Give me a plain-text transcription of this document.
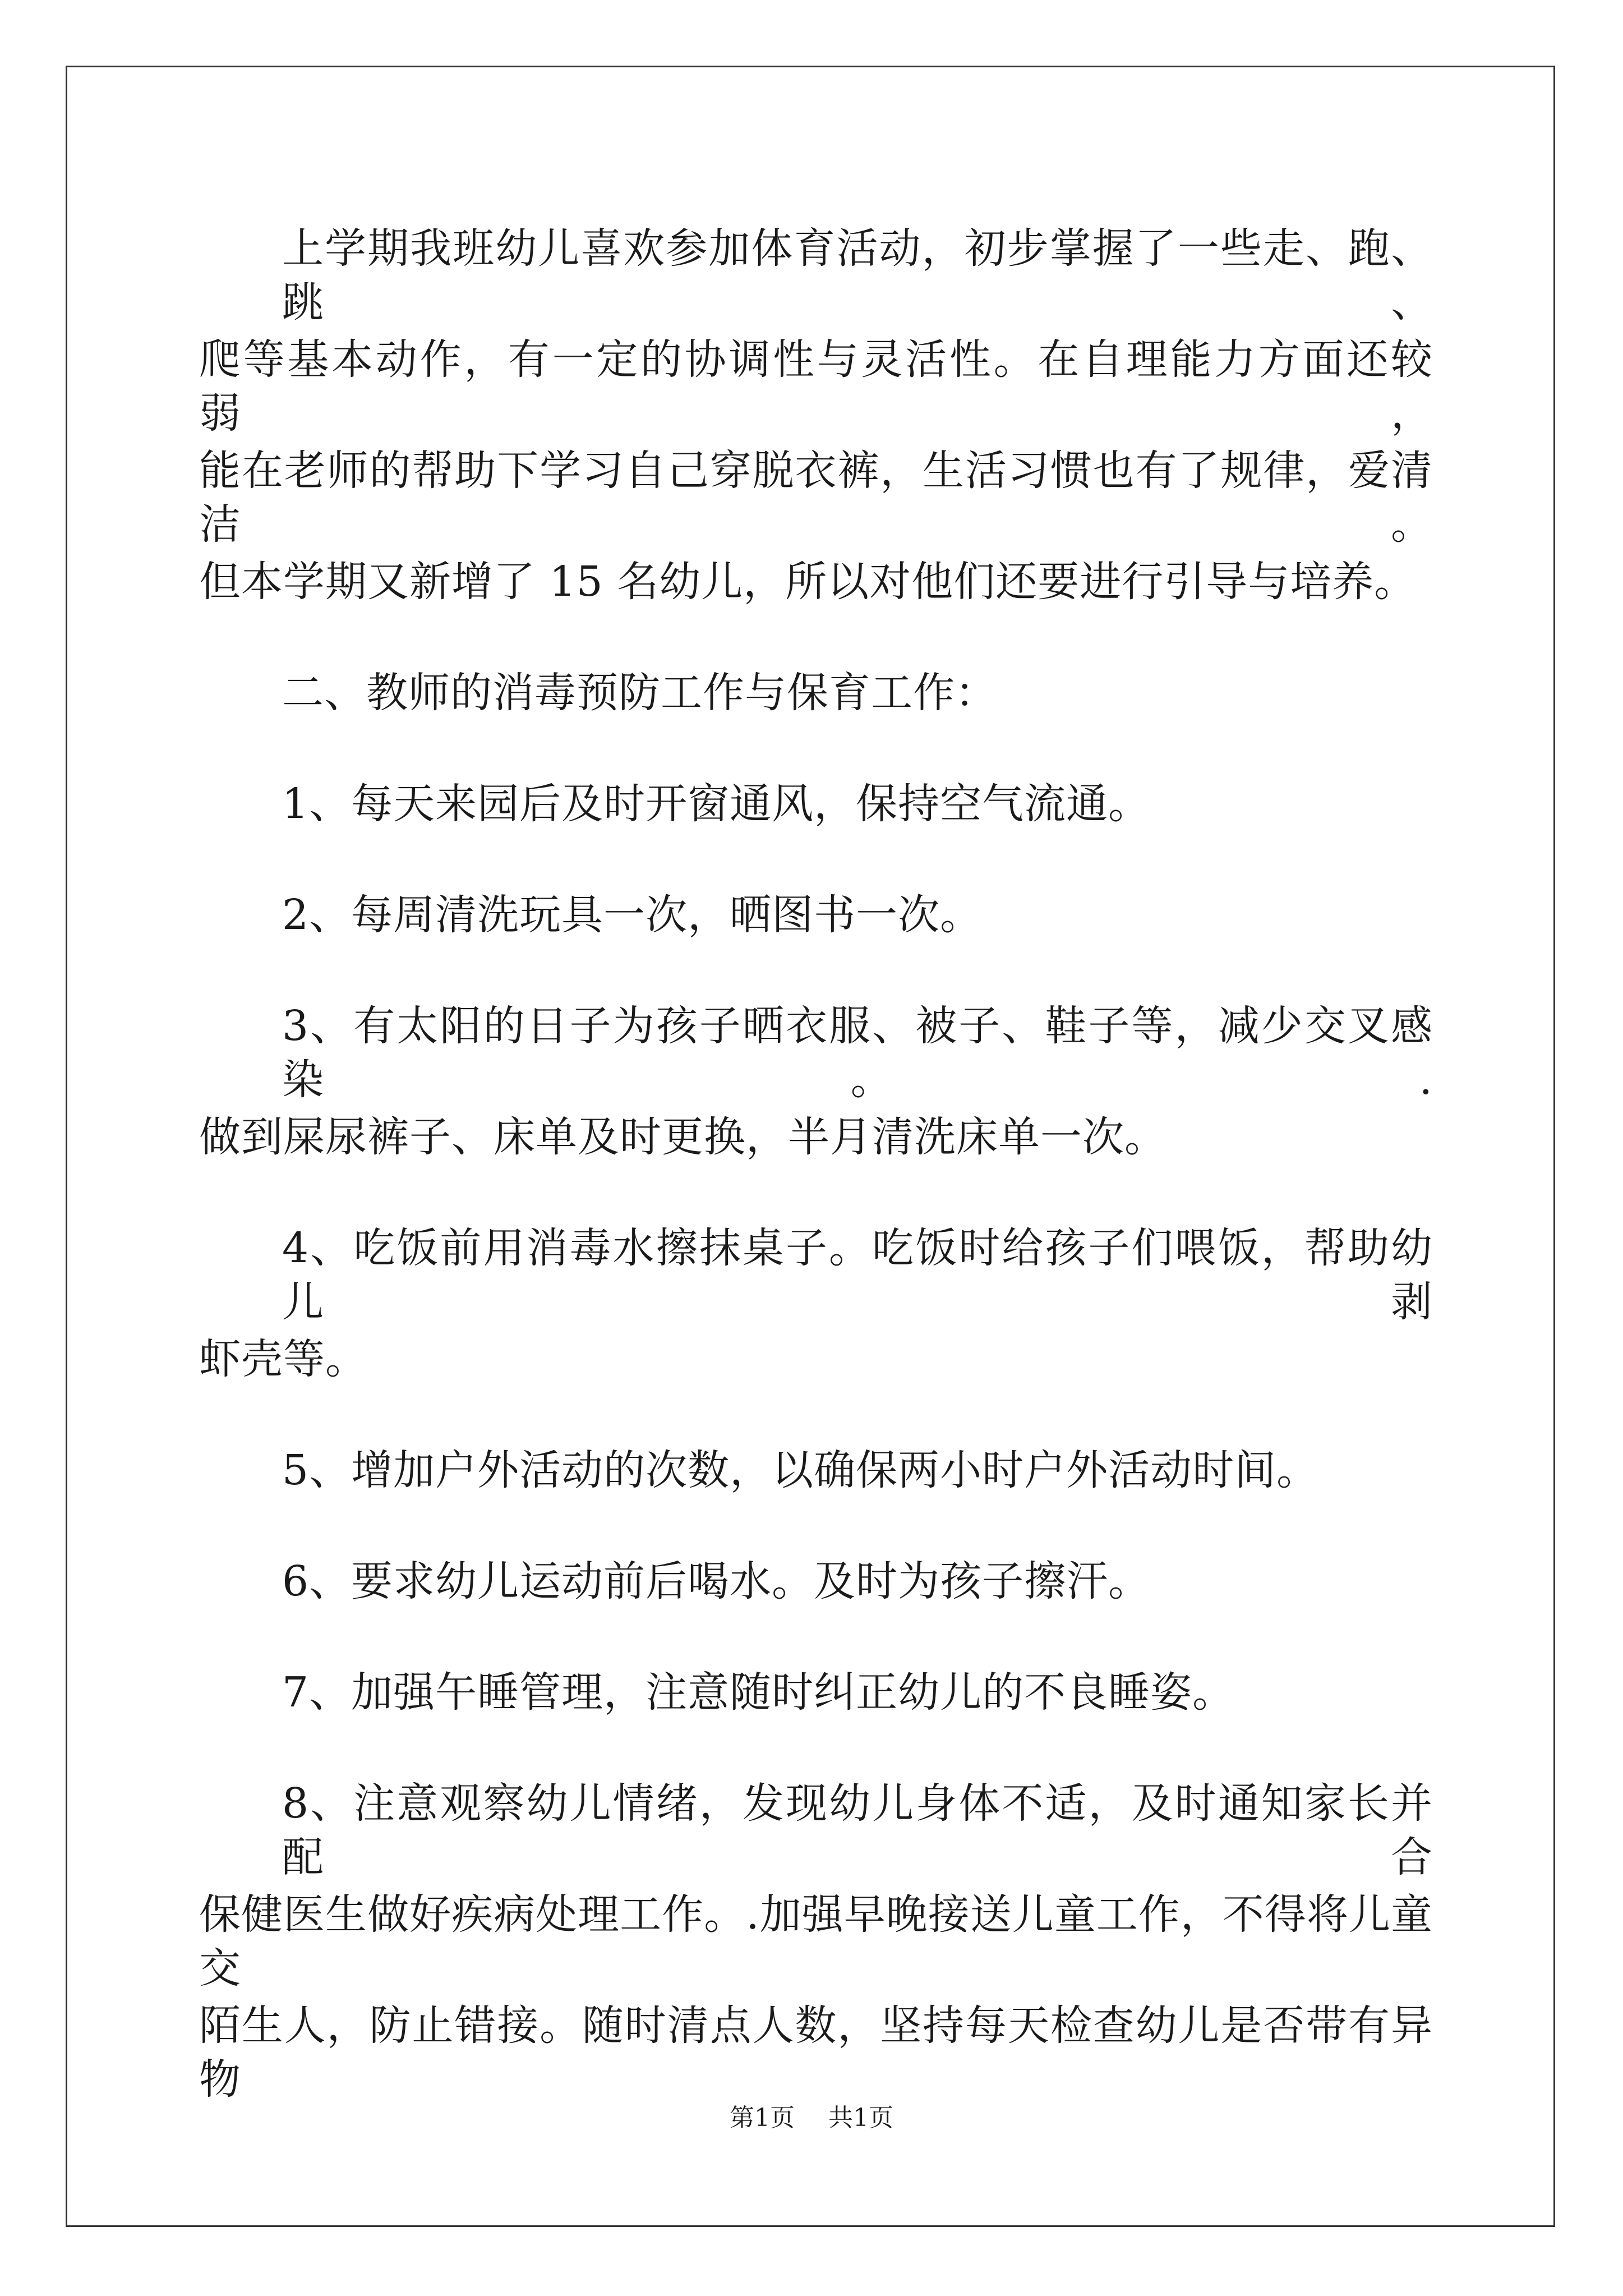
上学期我班幼儿喜欢参加体育活动，初步掌握了一些走、跑、跳、
爬等基本动作，有一定的协调性与灵活性。在自理能力方面还较弱，
能在老师的帮助下学习自己穿脱衣裤，生活习惯也有了规律，爱清洁。
但本学期又新增了 15 名幼儿，所以对他们还要进行引导与培养。
二、教师的消毒预防工作与保育工作：
1、每天来园后及时开窗通风，保持空气流通。
2、每周清洗玩具一次，晒图书一次。
3、有太阳的日子为孩子晒衣服、被子、鞋子等，减少交叉感染。.
做到屎尿裤子、床单及时更换，半月清洗床单一次。
4、吃饭前用消毒水擦抹桌子。吃饭时给孩子们喂饭，帮助幼儿剥
虾壳等。
5、增加户外活动的次数，以确保两小时户外活动时间。
6、要求幼儿运动前后喝水。及时为孩子擦汗。
7、加强午睡管理，注意随时纠正幼儿的不良睡姿。
8、注意观察幼儿情绪，发现幼儿身体不适，及时通知家长并配合
保健医生做好疾病处理工作。.加强早晚接送儿童工作，不得将儿童交
陌生人，防止错接。随时清点人数，坚持每天检查幼儿是否带有异物
第1页 共1页
